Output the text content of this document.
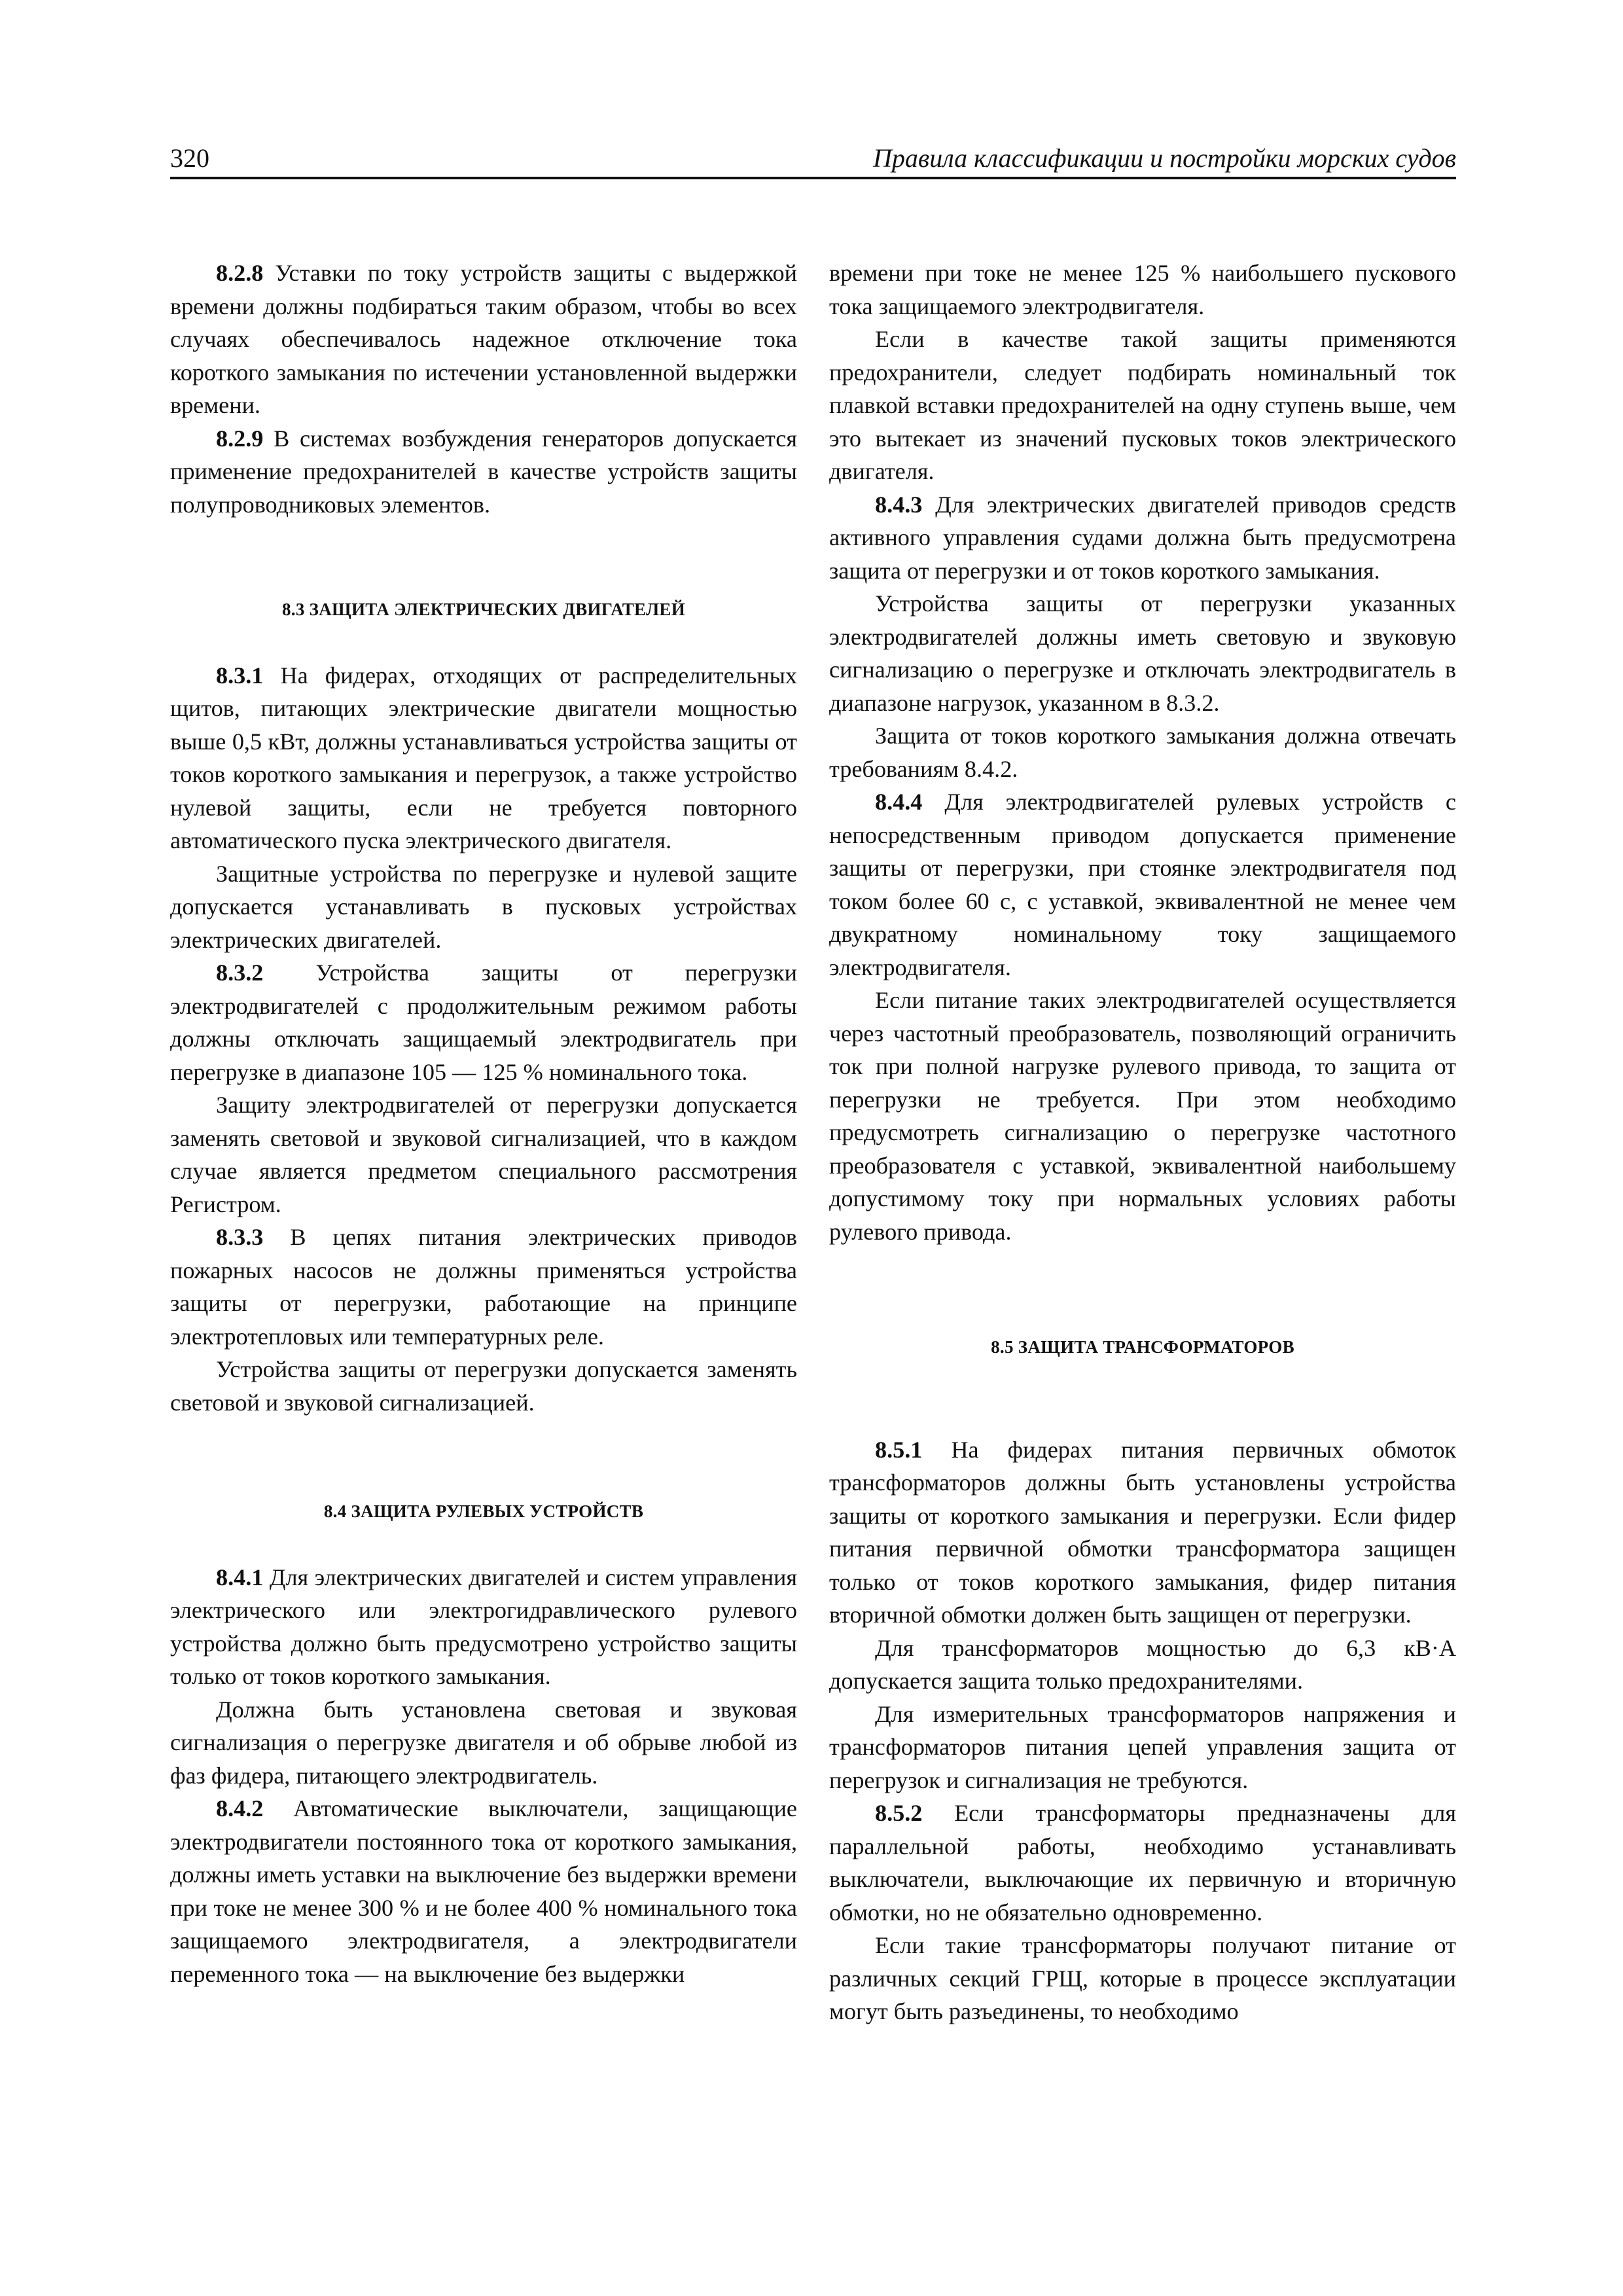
320	Правила классификации и постройки морских судов

8.2.8 Уставки по току устройств защиты с выдержкой времени должны подбираться таким образом, чтобы во всех случаях обеспечивалось надежное отключение тока короткого замыкания по истечении установленной выдержки времени.

8.2.9 В системах возбуждения генераторов допускается применение предохранителей в качестве устройств защиты полупроводниковых элементов.

8.3 ЗАЩИТА ЭЛЕКТРИЧЕСКИХ ДВИГАТЕЛЕЙ

8.3.1 На фидерах, отходящих от распределительных щитов, питающих электрические двигатели мощностью выше 0,5 кВт, должны устанавливаться устройства защиты от токов короткого замыкания и перегрузок, а также устройство нулевой защиты, если не требуется повторного автоматического пуска электрического двигателя.

Защитные устройства по перегрузке и нулевой защите допускается устанавливать в пусковых устройствах электрических двигателей.

8.3.2 Устройства защиты от перегрузки электродвигателей с продолжительным режимом работы должны отключать защищаемый электродвигатель при перегрузке в диапазоне 105 — 125 % номинального тока.

Защиту электродвигателей от перегрузки допускается заменять световой и звуковой сигнализацией, что в каждом случае является предметом специального рассмотрения Регистром.

8.3.3 В цепях питания электрических приводов пожарных насосов не должны применяться устройства защиты от перегрузки, работающие на принципе электротепловых или температурных реле.

Устройства защиты от перегрузки допускается заменять световой и звуковой сигнализацией.

8.4 ЗАЩИТА РУЛЕВЫХ УСТРОЙСТВ

8.4.1 Для электрических двигателей и систем управления электрического или электрогидравлического рулевого устройства должно быть предусмотрено устройство защиты только от токов короткого замыкания.

Должна быть установлена световая и звуковая сигнализация о перегрузке двигателя и об обрыве любой из фаз фидера, питающего электродвигатель.

8.4.2 Автоматические выключатели, защищающие электродвигатели постоянного тока от короткого замыкания, должны иметь уставки на выключение без выдержки времени при токе не менее 300 % и не более 400 % номинального тока защищаемого электродвигателя, а электродвигатели переменного тока — на выключение без выдержки

времени при токе не менее 125 % наибольшего пускового тока защищаемого электродвигателя.

Если в качестве такой защиты применяются предохранители, следует подбирать номинальный ток плавкой вставки предохранителей на одну ступень выше, чем это вытекает из значений пусковых токов электрического двигателя.

8.4.3 Для электрических двигателей приводов средств активного управления судами должна быть предусмотрена защита от перегрузки и от токов короткого замыкания.

Устройства защиты от перегрузки указанных электродвигателей должны иметь световую и звуковую сигнализацию о перегрузке и отключать электродвигатель в диапазоне нагрузок, указанном в 8.3.2.

Защита от токов короткого замыкания должна отвечать требованиям 8.4.2.

8.4.4 Для электродвигателей рулевых устройств с непосредственным приводом допускается применение защиты от перегрузки, при стоянке электродвигателя под током более 60 с, с уставкой, эквивалентной не менее чем двукратному номинальному току защищаемого электродвигателя.

Если питание таких электродвигателей осуществляется через частотный преобразователь, позволяющий ограничить ток при полной нагрузке рулевого привода, то защита от перегрузки не требуется. При этом необходимо предусмотреть сигнализацию о перегрузке частотного преобразователя с уставкой, эквивалентной наибольшему допустимому току при нормальных условиях работы рулевого привода.

8.5 ЗАЩИТА ТРАНСФОРМАТОРОВ

8.5.1 На фидерах питания первичных обмоток трансформаторов должны быть установлены устройства защиты от короткого замыкания и перегрузки. Если фидер питания первичной обмотки трансформатора защищен только от токов короткого замыкания, фидер питания вторичной обмотки должен быть защищен от перегрузки.

Для трансформаторов мощностью до 6,3 кВ·А допускается защита только предохранителями.

Для измерительных трансформаторов напряжения и трансформаторов питания цепей управления защита от перегрузок и сигнализация не требуются.

8.5.2 Если трансформаторы предназначены для параллельной работы, необходимо устанавливать выключатели, выключающие их первичную и вторичную обмотки, но не обязательно одновременно.

Если такие трансформаторы получают питание от различных секций ГРЩ, которые в процессе эксплуатации могут быть разъединены, то необходимо
